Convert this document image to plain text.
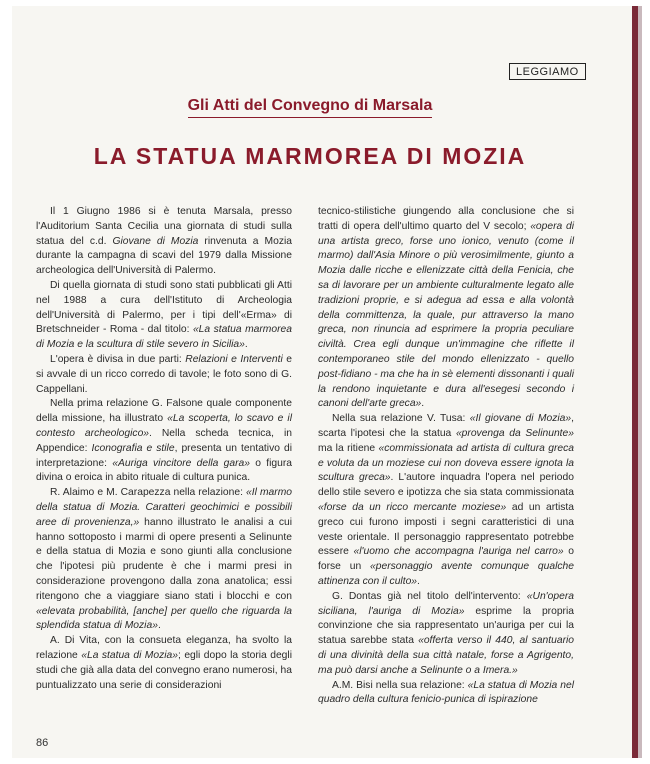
LEGGIAMO
Gli Atti del Convegno di Marsala
LA STATUA MARMOREA DI MOZIA

Il 1 Giugno 1986 si è tenuta Marsala, presso l'Auditorium Santa Cecilia una giornata di studi sulla statua del c.d. Giovane di Mozia rinvenuta a Mozia durante la campagna di scavi del 1979 dalla Missione archeologica dell'Università di Palermo.

Di quella giornata di studi sono stati pubblicati gli Atti nel 1988 a cura dell'Istituto di Archeologia dell'Università di Palermo, per i tipi dell'«Erma» di Bretschneider - Roma - dal titolo: «La statua marmorea di Mozia e la scultura di stile severo in Sicilia».

L'opera è divisa in due parti: Relazioni e Interventi e si avvale di un ricco corredo di tavole; le foto sono di G. Cappellani.

Nella prima relazione G. Falsone quale componente della missione, ha illustrato «La scoperta, lo scavo e il contesto archeologico». Nella scheda tecnica, in Appendice: Iconografia e stile, presenta un tentativo di interpretazione: «Auriga vincitore della gara» o figura divina o eroica in abito rituale di cultura punica.

R. Alaimo e M. Carapezza nella relazione: «Il marmo della statua di Mozia. Caratteri geochimici e possibili aree di provenienza,» hanno illustrato le analisi a cui hanno sottoposto i marmi di opere presenti a Selinunte e della statua di Mozia e sono giunti alla conclusione che l'ipotesi più prudente è che i marmi presi in considerazione provengono dalla zona anatolica; essi ritengono che a viaggiare siano stati i blocchi e con «elevata probabilità, [anche] per quello che riguarda la splendida statua di Mozia».

A. Di Vita, con la consueta eleganza, ha svolto la relazione «La statua di Mozia»; egli dopo la storia degli studi che già alla data del convegno erano numerosi, ha puntualizzato una serie di considerazioni

tecnico-stilistiche giungendo alla conclusione che si tratti di opera dell'ultimo quarto del V secolo; «opera di una artista greco, forse uno ionico, venuto (come il marmo) dall'Asia Minore o più verosimilmente, giunto a Mozia dalle ricche e ellenizzate città della Fenicia, che sa di lavorare per un ambiente culturalmente legato alle tradizioni proprie, e si adegua ad essa e alla volontà della committenza, la quale, pur attraverso la mano greca, non rinuncia ad esprimere la propria peculiare civiltà. Crea egli dunque un'immagine che riflette il contemporaneo stile del mondo ellenizzato - quello post-fidiano - ma che ha in sè elementi dissonanti i quali la rendono inquietante e dura all'esegesi secondo i canoni dell'arte greca».

Nella sua relazione V. Tusa: «Il giovane di Mozia», scarta l'ipotesi che la statua «provenga da Selinunte» ma la ritiene «commissionata ad artista di cultura greca e voluta da un moziese cui non doveva essere ignota la scultura greca». L'autore inquadra l'opera nel periodo dello stile severo e ipotizza che sia stata commissionata «forse da un ricco mercante moziese» ad un artista greco cui furono imposti i segni caratteristici di una veste orientale. Il personaggio rappresentato potrebbe essere «l'uomo che accompagna l'auriga nel carro» o forse un «personaggio avente comunque qualche attinenza con il culto».

G. Dontas già nel titolo dell'intervento: «Un'opera siciliana, l'auriga di Mozia» esprime la propria convinzione che sia rappresentato un'auriga per cui la statua sarebbe stata «offerta verso il 440, al santuario di una divinità della sua città natale, forse a Agrigento, ma può darsi anche a Selinunte o a Imera.»

A.M. Bisi nella sua relazione: «La statua di Mozia nel quadro della cultura fenicio-punica di ispirazione

86
